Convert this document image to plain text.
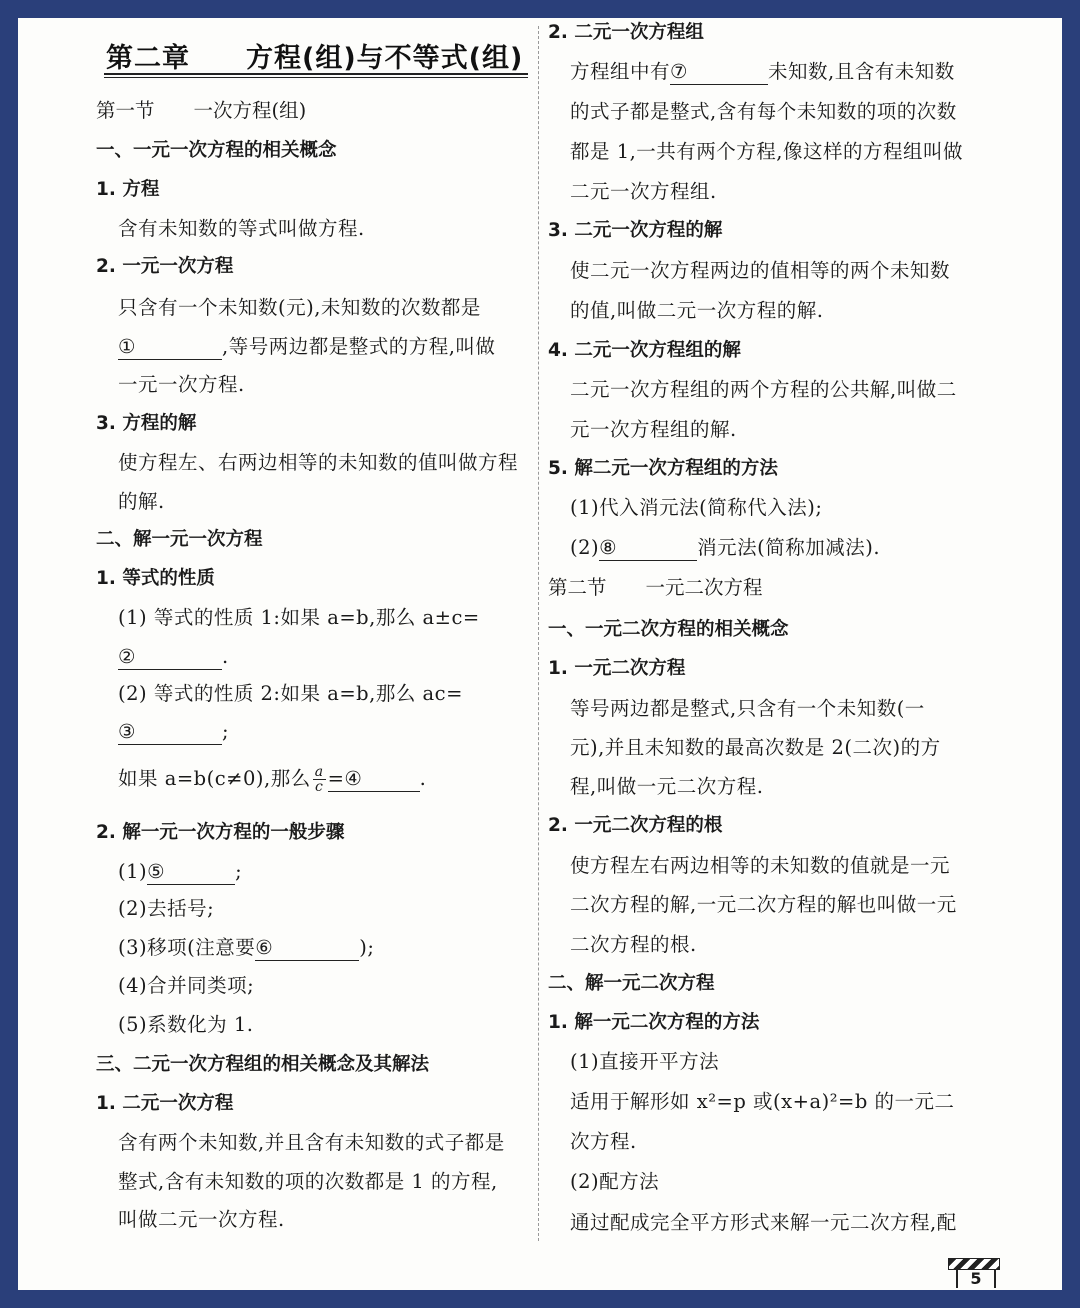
第二章　　方程(组)与不等式(组)
第一节　　一次方程(组)
一、一元一次方程的相关概念
1. 方程
含有未知数的等式叫做方程.
2. 一元一次方程
只含有一个未知数(元),未知数的次数都是
①	,等号两边都是整式的方程,叫做
一元一次方程.
3. 方程的解
使方程左、右两边相等的未知数的值叫做方程
的解.
二、解一元一次方程
1. 等式的性质
(1) 等式的性质 1:如果 a=b,那么 a±c=
②	.
(2) 等式的性质 2:如果 a=b,那么 ac=
③	;
如果 a=b(c≠0),那么 $\frac{a}{c}$ =④	.
2. 解一元一次方程的一般步骤
(1)⑤	;
(2)去括号;
(3)移项(注意要⑥	);
(4)合并同类项;
(5)系数化为 1.
三、二元一次方程组的相关概念及其解法
1. 二元一次方程
含有两个未知数,并且含有未知数的式子都是
整式,含有未知数的项的次数都是 1 的方程,
叫做二元一次方程.
2. 二元一次方程组
方程组中有⑦	未知数,且含有未知数
的式子都是整式,含有每个未知数的项的次数
都是 1,一共有两个方程,像这样的方程组叫做
二元一次方程组.
3. 二元一次方程的解
使二元一次方程两边的值相等的两个未知数
的值,叫做二元一次方程的解.
4. 二元一次方程组的解
二元一次方程组的两个方程的公共解,叫做二
元一次方程组的解.
5. 解二元一次方程组的方法
(1)代入消元法(简称代入法);
(2)⑧	消元法(简称加减法).
第二节　　一元二次方程
一、一元二次方程的相关概念
1. 一元二次方程
等号两边都是整式,只含有一个未知数(一
元),并且未知数的最高次数是 2(二次)的方
程,叫做一元二次方程.
2. 一元二次方程的根
使方程左右两边相等的未知数的值就是一元
二次方程的解,一元二次方程的解也叫做一元
二次方程的根.
二、解一元二次方程
1. 解一元二次方程的方法
(1)直接开平方法
适用于解形如 x²=p 或(x+a)²=b 的一元二
次方程.
(2)配方法
通过配成完全平方形式来解一元二次方程,配
5
